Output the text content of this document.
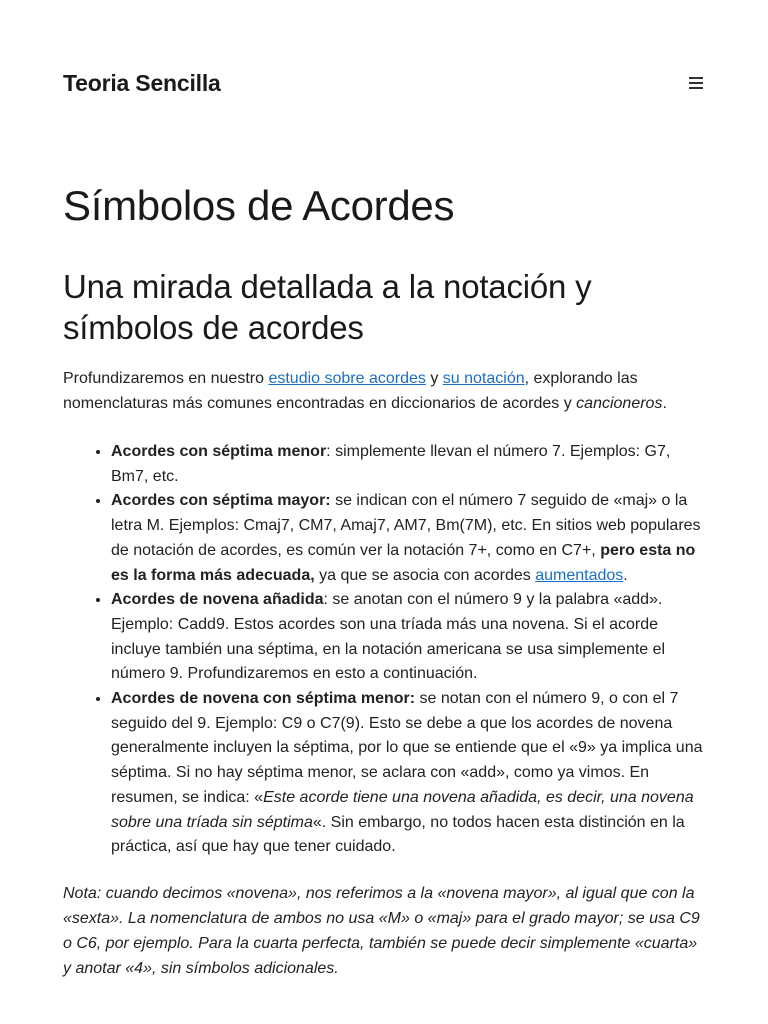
Teoria Sencilla
Símbolos de Acordes
Una mirada detallada a la notación y símbolos de acordes

Profundizaremos en nuestro estudio sobre acordes y su notación, explorando las nomenclaturas más comunes encontradas en diccionarios de acordes y cancioneros.

• Acordes con séptima menor: simplemente llevan el número 7. Ejemplos: G7, Bm7, etc.
• Acordes con séptima mayor: se indican con el número 7 seguido de «maj» o la letra M. Ejemplos: Cmaj7, CM7, Amaj7, AM7, Bm(7M), etc. En sitios web populares de notación de acordes, es común ver la notación 7+, como en C7+, pero esta no es la forma más adecuada, ya que se asocia con acordes aumentados.
• Acordes de novena añadida: se anotan con el número 9 y la palabra «add». Ejemplo: Cadd9. Estos acordes son una tríada más una novena. Si el acorde incluye también una séptima, en la notación americana se usa simplemente el número 9. Profundizaremos en esto a continuación.
• Acordes de novena con séptima menor: se notan con el número 9, o con el 7 seguido del 9. Ejemplo: C9 o C7(9). Esto se debe a que los acordes de novena generalmente incluyen la séptima, por lo que se entiende que el «9» ya implica una séptima. Si no hay séptima menor, se aclara con «add», como ya vimos. En resumen, se indica: «Este acorde tiene una novena añadida, es decir, una novena sobre una tríada sin séptima«. Sin embargo, no todos hacen esta distinción en la práctica, así que hay que tener cuidado.

Nota: cuando decimos «novena», nos referimos a la «novena mayor», al igual que con la «sexta». La nomenclatura de ambos no usa «M» o «maj» para el grado mayor; se usa C9 o C6, por ejemplo. Para la cuarta perfecta, también se puede decir simplemente «cuarta» y anotar «4», sin símbolos adicionales.
